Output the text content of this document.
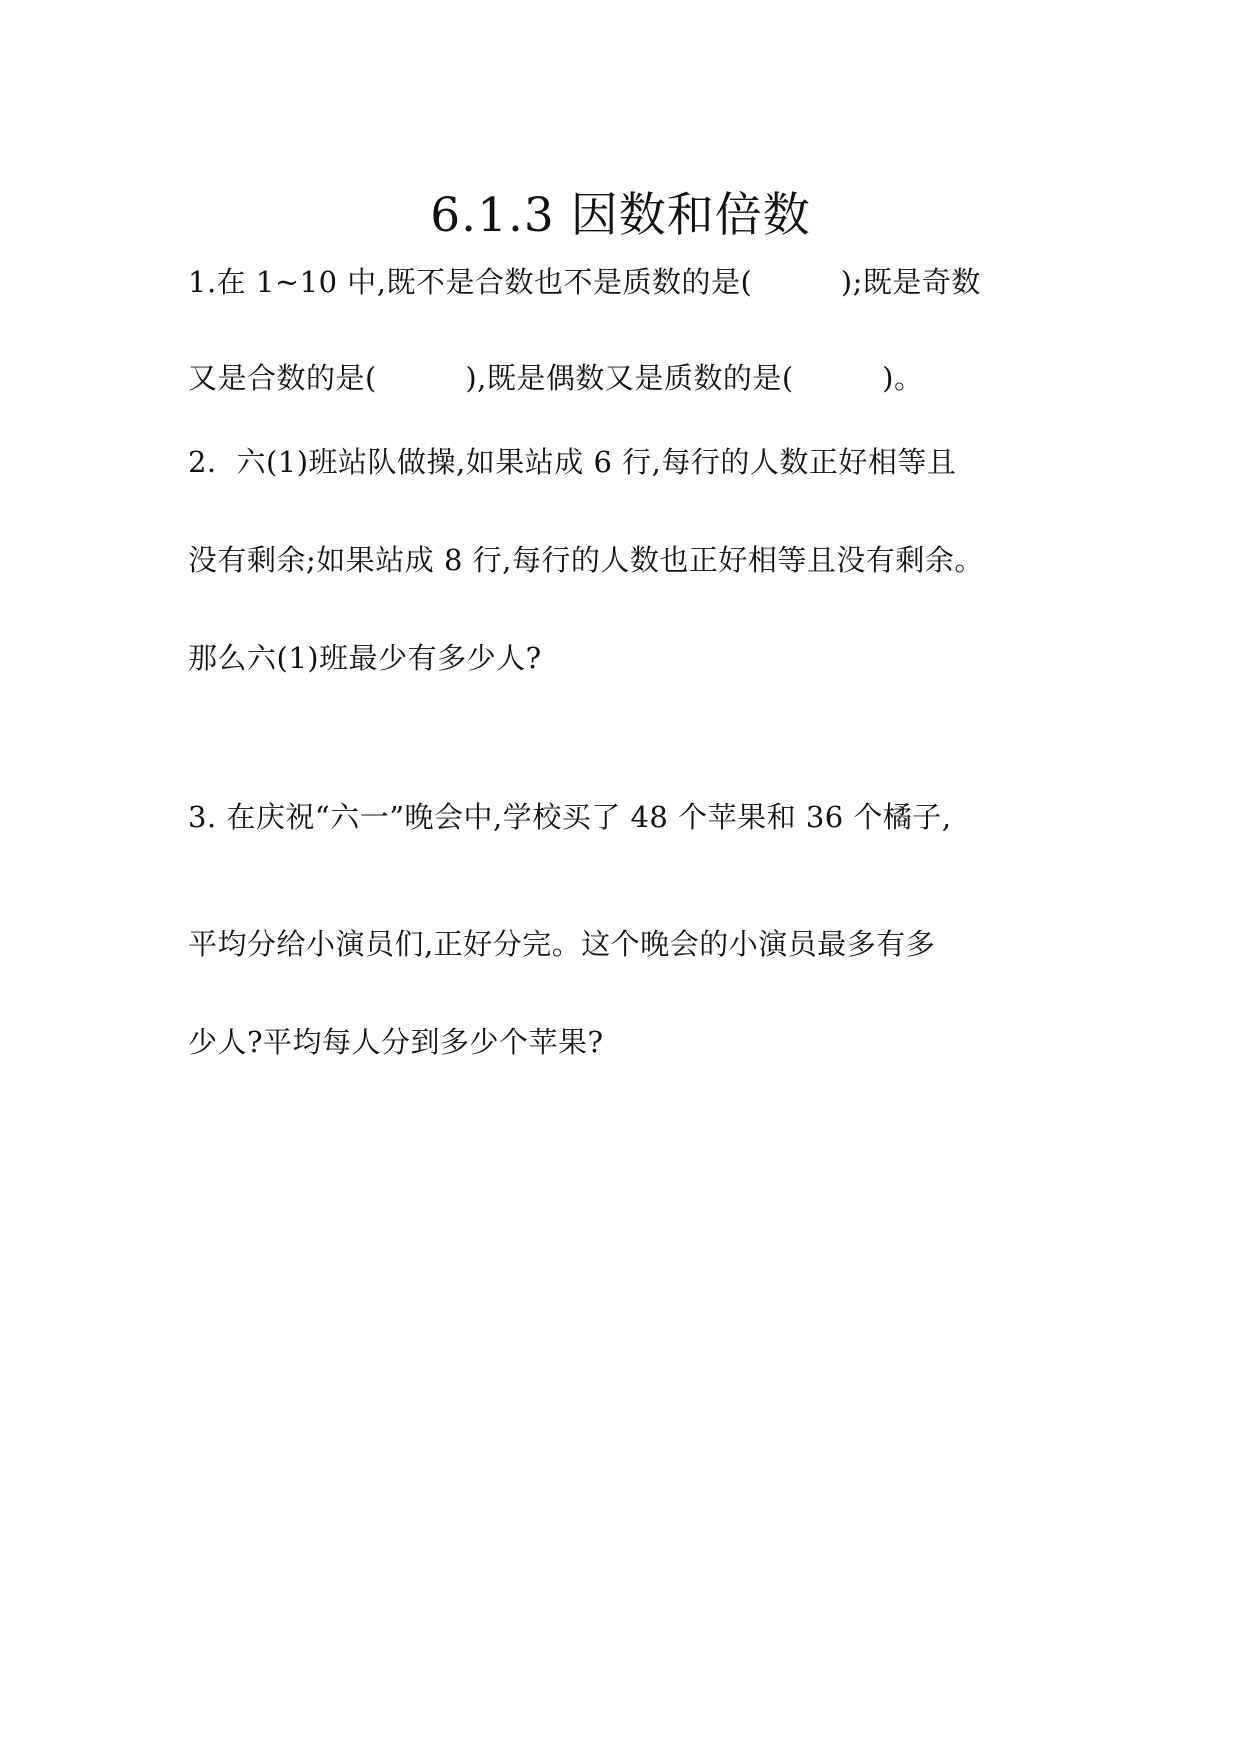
6.1.3 因数和倍数
1.在 1~10 中,既不是合数也不是质数的是(　　　);既是奇数
又是合数的是(　　　),既是偶数又是质数的是(　　　)。
2．六(1)班站队做操,如果站成 6 行,每行的人数正好相等且
没有剩余;如果站成 8 行,每行的人数也正好相等且没有剩余。
那么六(1)班最少有多少人?
3. 在庆祝“六一”晚会中,学校买了 48 个苹果和 36 个橘子,
平均分给小演员们,正好分完。这个晚会的小演员最多有多
少人?平均每人分到多少个苹果?
